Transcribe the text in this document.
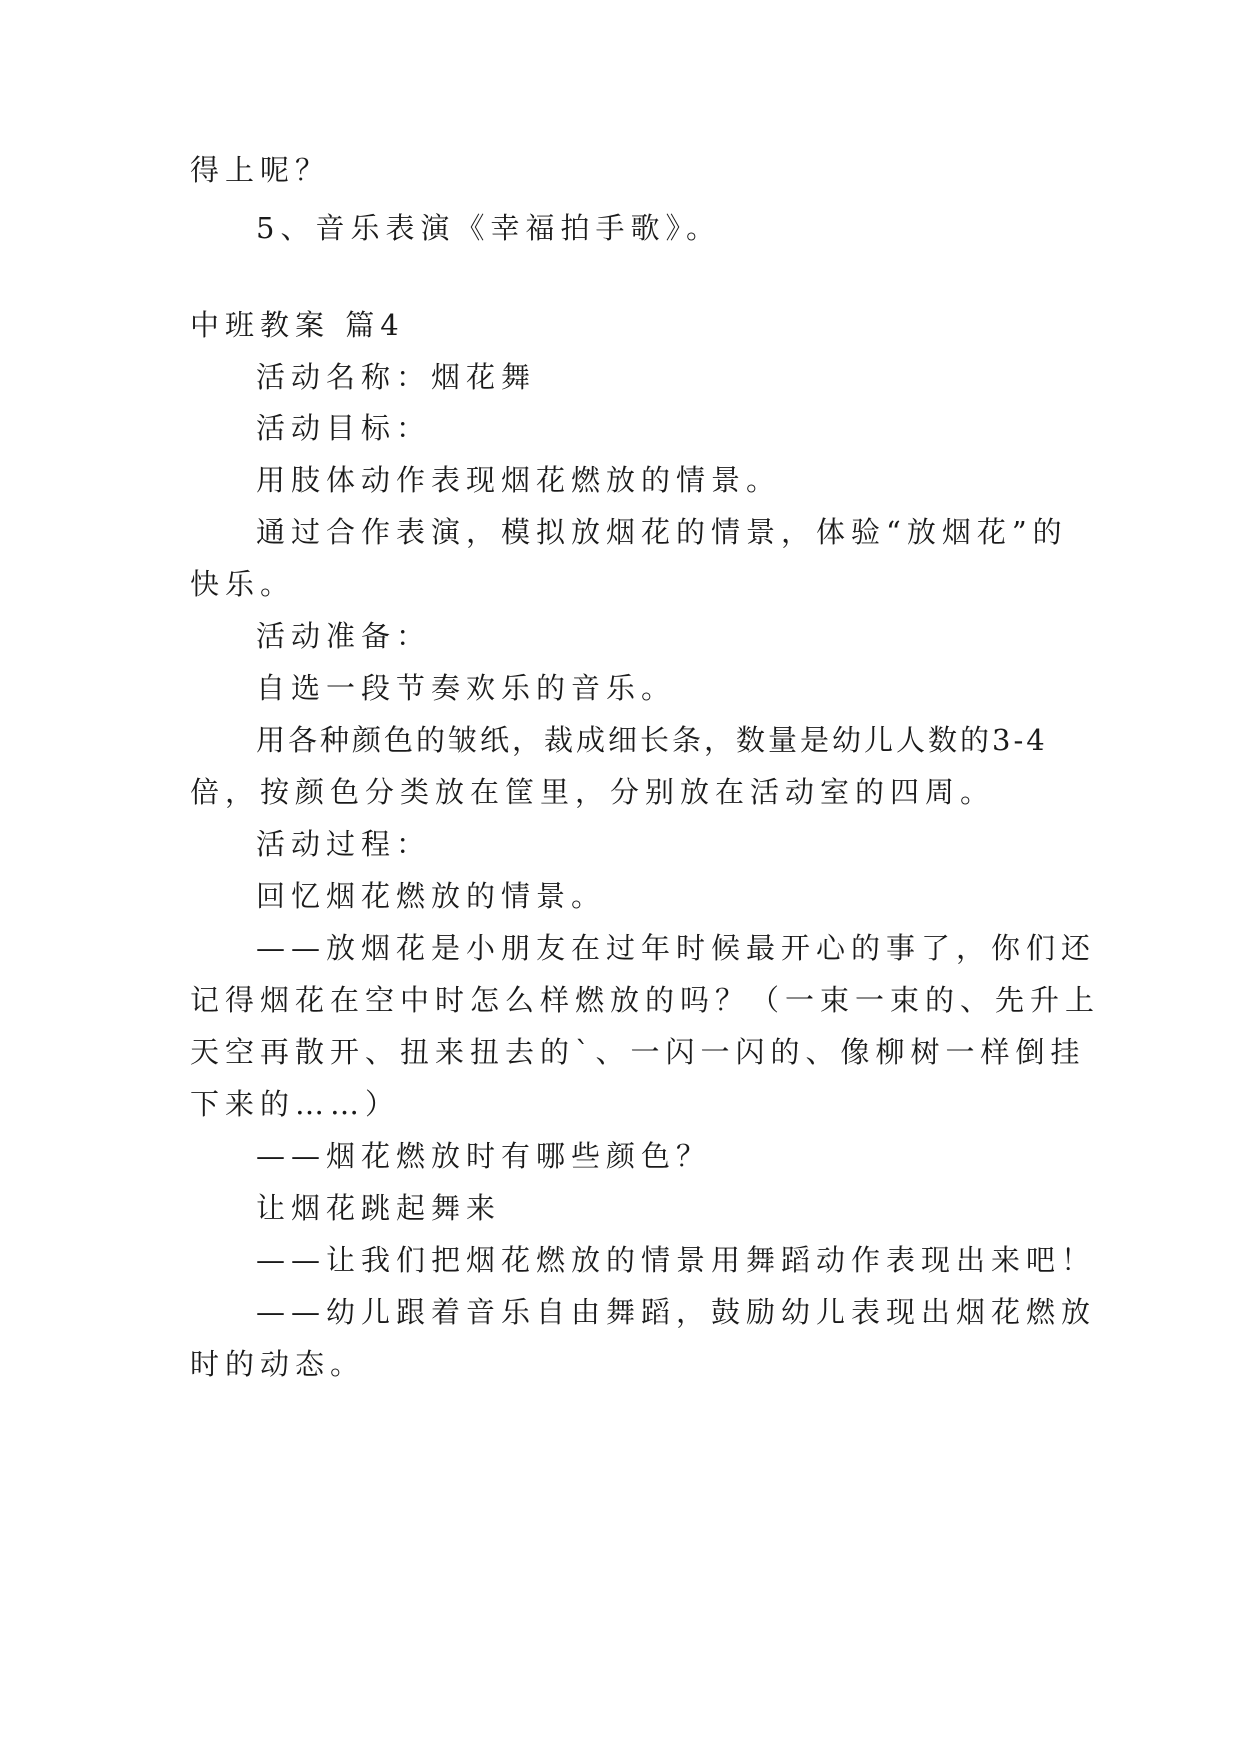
得上呢？

5、音乐表演《幸福拍手歌》。

中班教案 篇4

活动名称：烟花舞

活动目标：

用肢体动作表现烟花燃放的情景。

通过合作表演，模拟放烟花的情景，体验“放烟花”的

快乐。

活动准备：

自选一段节奏欢乐的音乐。

用各种颜色的皱纸，裁成细长条，数量是幼儿人数的3-4

倍，按颜色分类放在筐里，分别放在活动室的四周。

活动过程：

回忆烟花燃放的情景。

——放烟花是小朋友在过年时候最开心的事了，你们还

记得烟花在空中时怎么样燃放的吗？（一束一束的、先升上

天空再散开、扭来扭去的`、一闪一闪的、像柳树一样倒挂

下来的……）

——烟花燃放时有哪些颜色？

让烟花跳起舞来

——让我们把烟花燃放的情景用舞蹈动作表现出来吧！

——幼儿跟着音乐自由舞蹈，鼓励幼儿表现出烟花燃放

时的动态。
